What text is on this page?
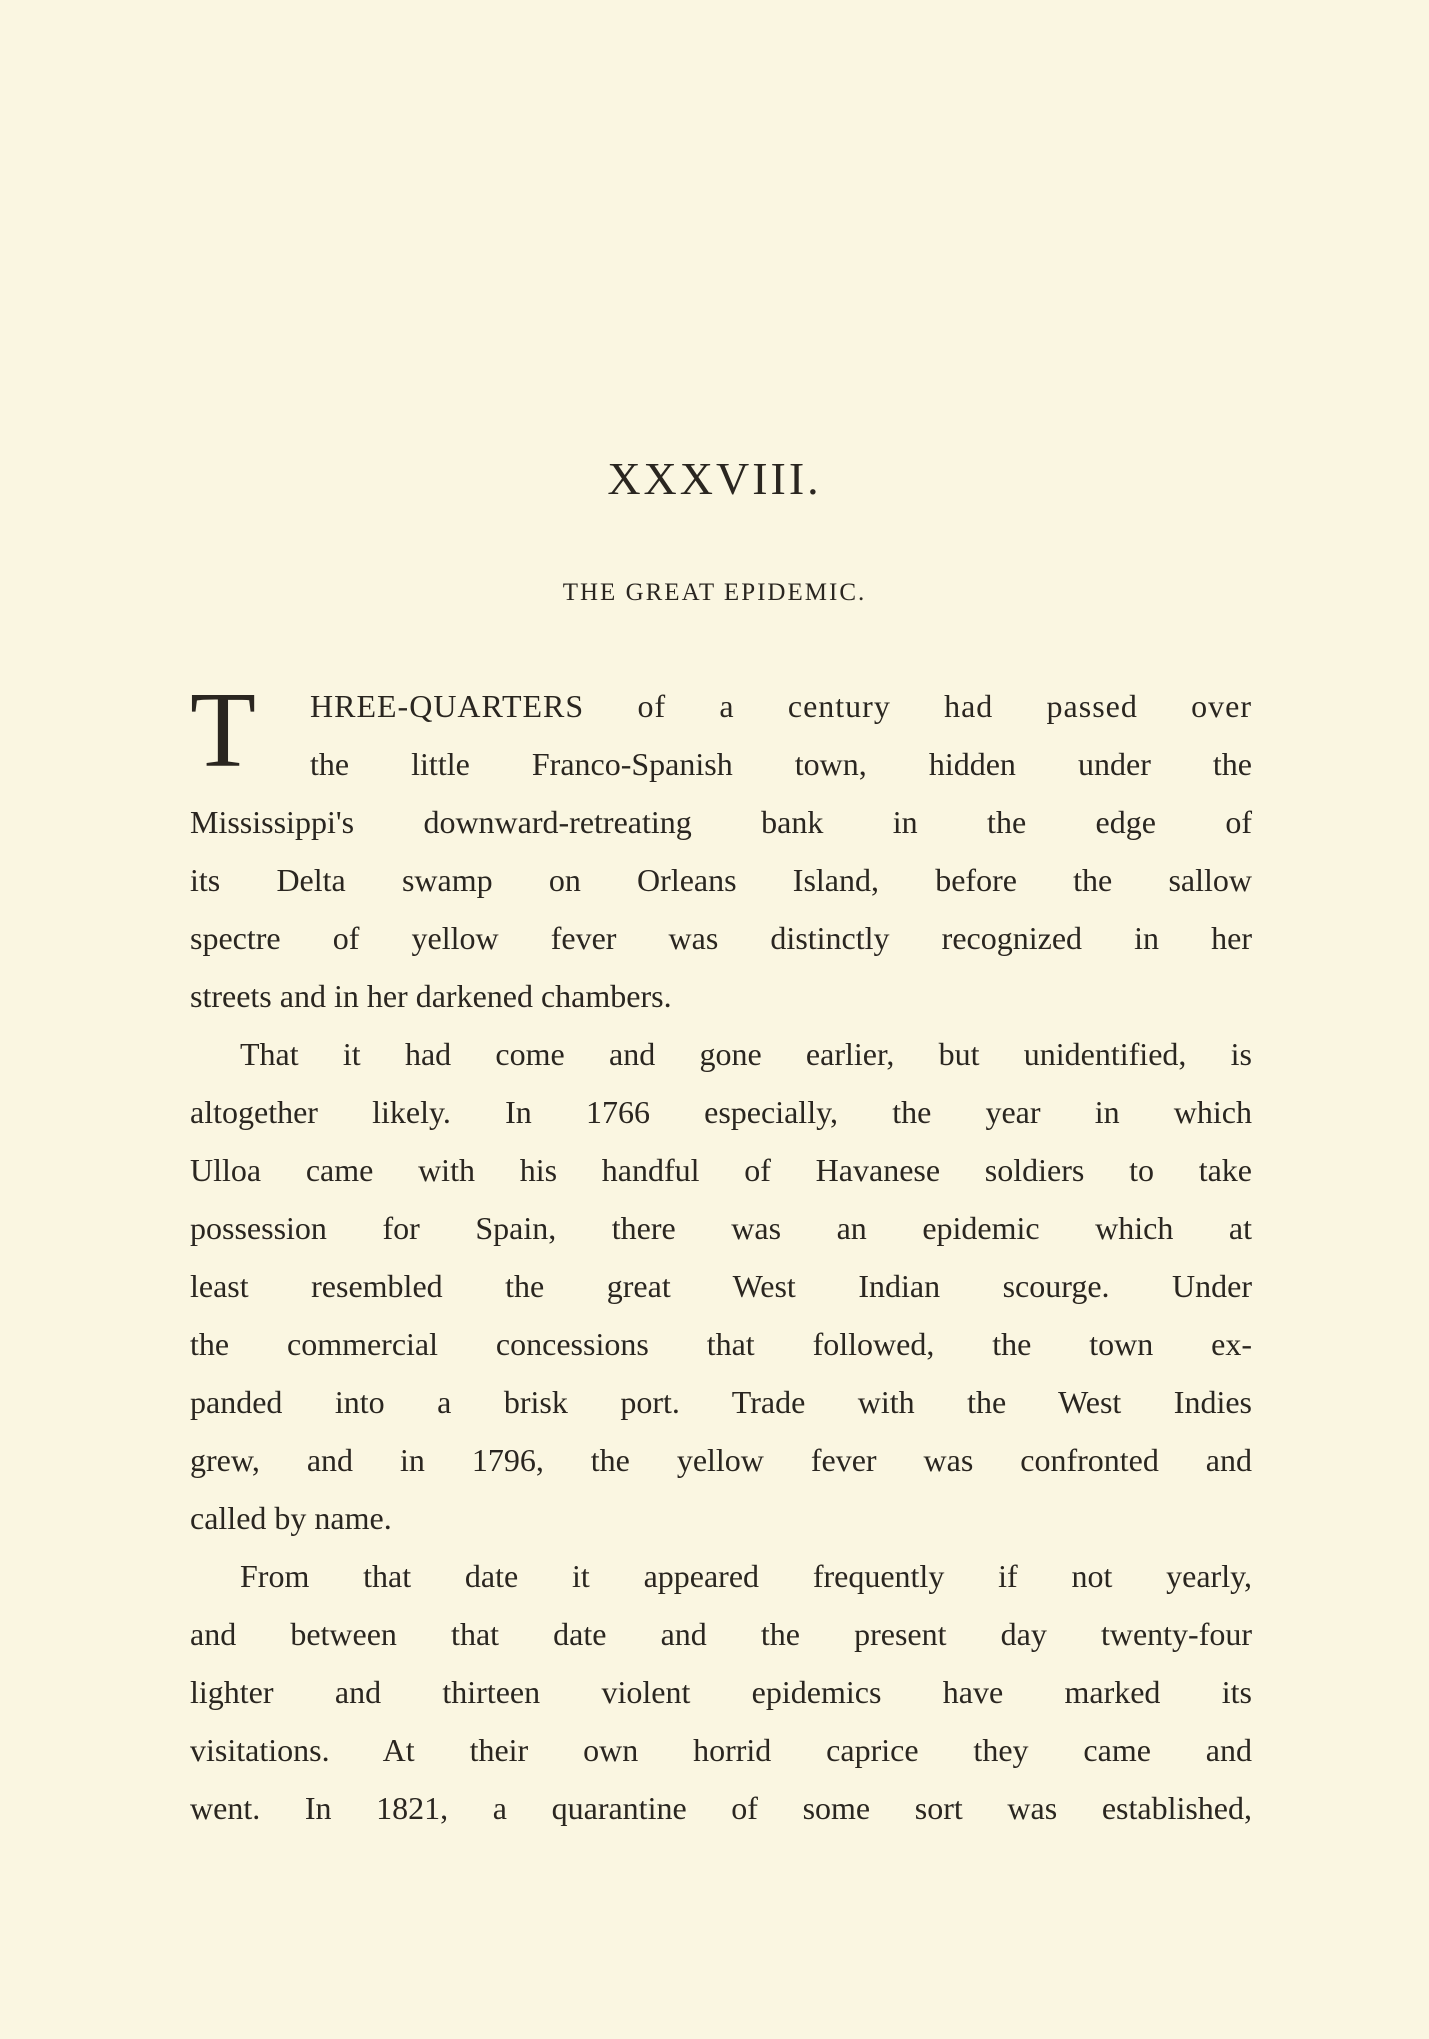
XXXVIII.
THE GREAT EPIDEMIC.
T	HREE-QUARTERS of a century had passed over
the little Franco-Spanish town, hidden under the
Mississippi's downward-retreating bank in the edge of
its Delta swamp on Orleans Island, before the sallow
spectre of yellow fever was distinctly recognized in her
streets and in her darkened chambers.
That it had come and gone earlier, but unidentified, is
altogether likely. In 1766 especially, the year in which
Ulloa came with his handful of Havanese soldiers to take
possession for Spain, there was an epidemic which at
least resembled the great West Indian scourge. Under
the commercial concessions that followed, the town ex-
panded into a brisk port. Trade with the West Indies
grew, and in 1796, the yellow fever was confronted and
called by name.
From that date it appeared frequently if not yearly,
and between that date and the present day twenty-four
lighter and thirteen violent epidemics have marked its
visitations. At their own horrid caprice they came and
went. In 1821, a quarantine of some sort was established,
